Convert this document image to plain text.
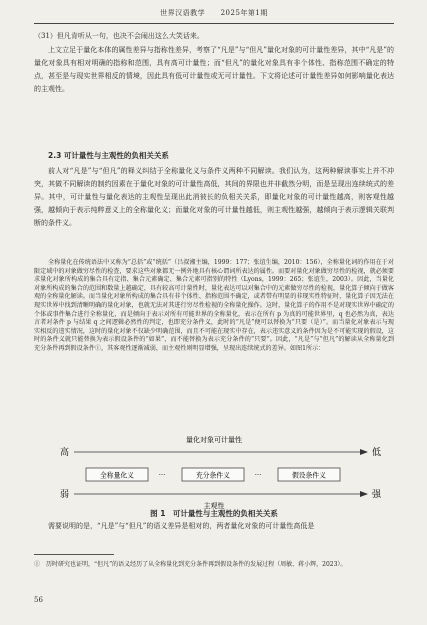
世界汉语教学 2025年第1期

（31）但凡肯听从一句，也决不会闹出这么大笑话来。

上文立足于量化本体的属性差异与指称性差异，考察了“凡是”与“但凡”量化对象的可计量性差异，其中“凡是”的量化对象具有相对明确的指称和范围，具有高可计量性；而“但凡”的量化对象具有非个体性、指称范围不确定的特点，甚至是与现实世界相反的情境，因此具有低可计量性或无可计量性。下文将论述可计量性差异如何影响量化表达的主观性。

2.3 可计量性与主观性的负相关关系

前人对“凡是”与“但凡”的释义纠结于全称量化义与条件义两种不同解读。我们认为，这两种解读事实上并不冲突，其做不同解读的制约因素在于量化对象的可计量性高低，其间的界限也并非截然分明，而是呈现出连续统式的差异。其中，可计量性与量化表达的主观性呈现出此消彼长的负相关关系，即量化对象的可计量性越高，则客观性越强，越倾向于表示纯粹意义上的全称量化义；而量化对象的可计量性越低，则主观性越强，越倾向于表示逻辑关联判断的条件义。

全称量化在传统语法中又称为“总括”或“统括”（吕叔湘主编，1999：177；张谊生编，2010：156），全称量化词的作用在于对限定域中的对象做穷尽性的检查，要求这些对象都无一例外地具有核心谓词所表达的属性。而要对量化对象做穷尽性的检视，就必须要求量化对象所构成的集合具有定指、集合元素确定、集合元素可指别的特性（Lyons，1999：265；张谊生，2003）。因此，当量化对象所构成的集合的范围和数量上越确定，具有较高可计量性时，量化表达可以对集合中的元素做穷尽性的检视，量化算子倾向于做客观的全称量化解读。而当量化对象所构成的集合具有非个体性、指称范围不确定，或者带有明显的非现实性特征时，量化算子因无法在现实世界中找到清晰明确的量化对象，也就无法对其进行穷尽性检视的全称量化操作。这时，量化算子的作用不是对现实世界中确定的个体或事件集合进行全称量化，而是倾向于表示对所有可能世界的全称量化，表示在所有 p 为真的可能世界里，q 也必然为真，表达言者对条件 p 与结果 q 之间逻辑必然性的判定，也即充分条件义，此时的“凡是”便可以替换为“只要（是）”。而当量化对象表示与现实相反的违实情况，这时的量化对象不仅缺少明确范围，而且不可能在现实中存在，表示违实意义的条件因为是不可能实现的假设，这时的条件义就只能替换为表示假设条件的“如果”，而不能替换为表示充分条件的“只要”。因此，“凡是”与“但凡”的解读从全称量化到充分条件再到假设条件①，其客观性逐渐减弱，而主观性则明显增强，呈现出连续统式的差异。如图1所示：

量化对象可计量性
高	低
全称量化义	···	充分条件义	···	假设条件义
弱	强
主观性
图 1　可计量性与主观性的负相关关系

需要说明的是，“凡是”与“但凡”的语义差异是相对的，两者量化对象的可计量性高低是

①　历时研究也证明，“但凡”的语义经历了从全称量化到充分条件再到假设条件的发展过程（周敏、蒋小辉，2023）。

56
